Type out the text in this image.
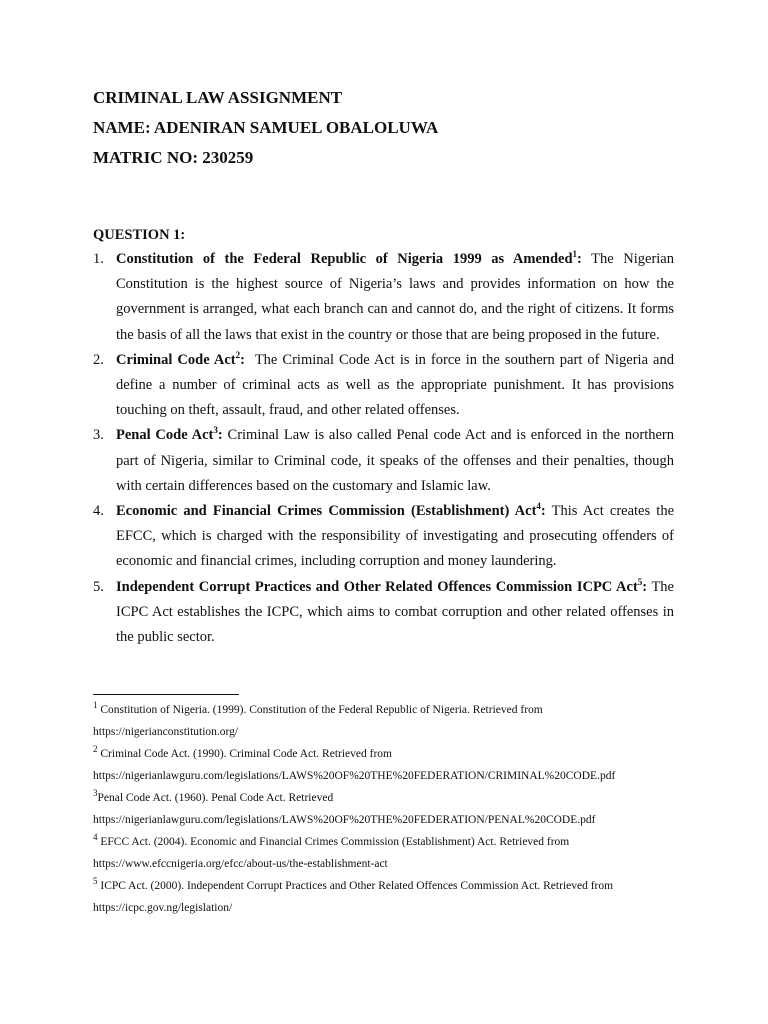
CRIMINAL LAW ASSIGNMENT
NAME: ADENIRAN SAMUEL OBALOLUWA
MATRIC NO: 230259
QUESTION 1:
1. Constitution of the Federal Republic of Nigeria 1999 as Amended$^1$: The Nigerian Constitution is the highest source of Nigeria’s laws and provides information on how the government is arranged, what each branch can and cannot do, and the right of citizens. It forms the basis of all the laws that exist in the country or those that are being proposed in the future.
2. Criminal Code Act$^2$: The Criminal Code Act is in force in the southern part of Nigeria and define a number of criminal acts as well as the appropriate punishment. It has provisions touching on theft, assault, fraud, and other related offenses.
3. Penal Code Act$^3$: Criminal Law is also called Penal code Act and is enforced in the northern part of Nigeria, similar to Criminal code, it speaks of the offenses and their penalties, though with certain differences based on the customary and Islamic law.
4. Economic and Financial Crimes Commission (Establishment) Act$^4$: This Act creates the EFCC, which is charged with the responsibility of investigating and prosecuting offenders of economic and financial crimes, including corruption and money laundering.
5. Independent Corrupt Practices and Other Related Offences Commission ICPC Act$^5$: The ICPC Act establishes the ICPC, which aims to combat corruption and other related offenses in the public sector.
$^1$ Constitution of Nigeria. (1999). Constitution of the Federal Republic of Nigeria. Retrieved from https://nigerianconstitution.org/
$^2$ Criminal Code Act. (1990). Criminal Code Act. Retrieved from https://nigerianlawguru.com/legislations/LAWS%20OF%20THE%20FEDERATION/CRIMINAL%20CODE.pdf
$^3$Penal Code Act. (1960). Penal Code Act. Retrieved https://nigerianlawguru.com/legislations/LAWS%20OF%20THE%20FEDERATION/PENAL%20CODE.pdf
$^4$ EFCC Act. (2004). Economic and Financial Crimes Commission (Establishment) Act. Retrieved from https://www.efccnigeria.org/efcc/about-us/the-establishment-act
$^5$ ICPC Act. (2000). Independent Corrupt Practices and Other Related Offences Commission Act. Retrieved from https://icpc.gov.ng/legislation/
